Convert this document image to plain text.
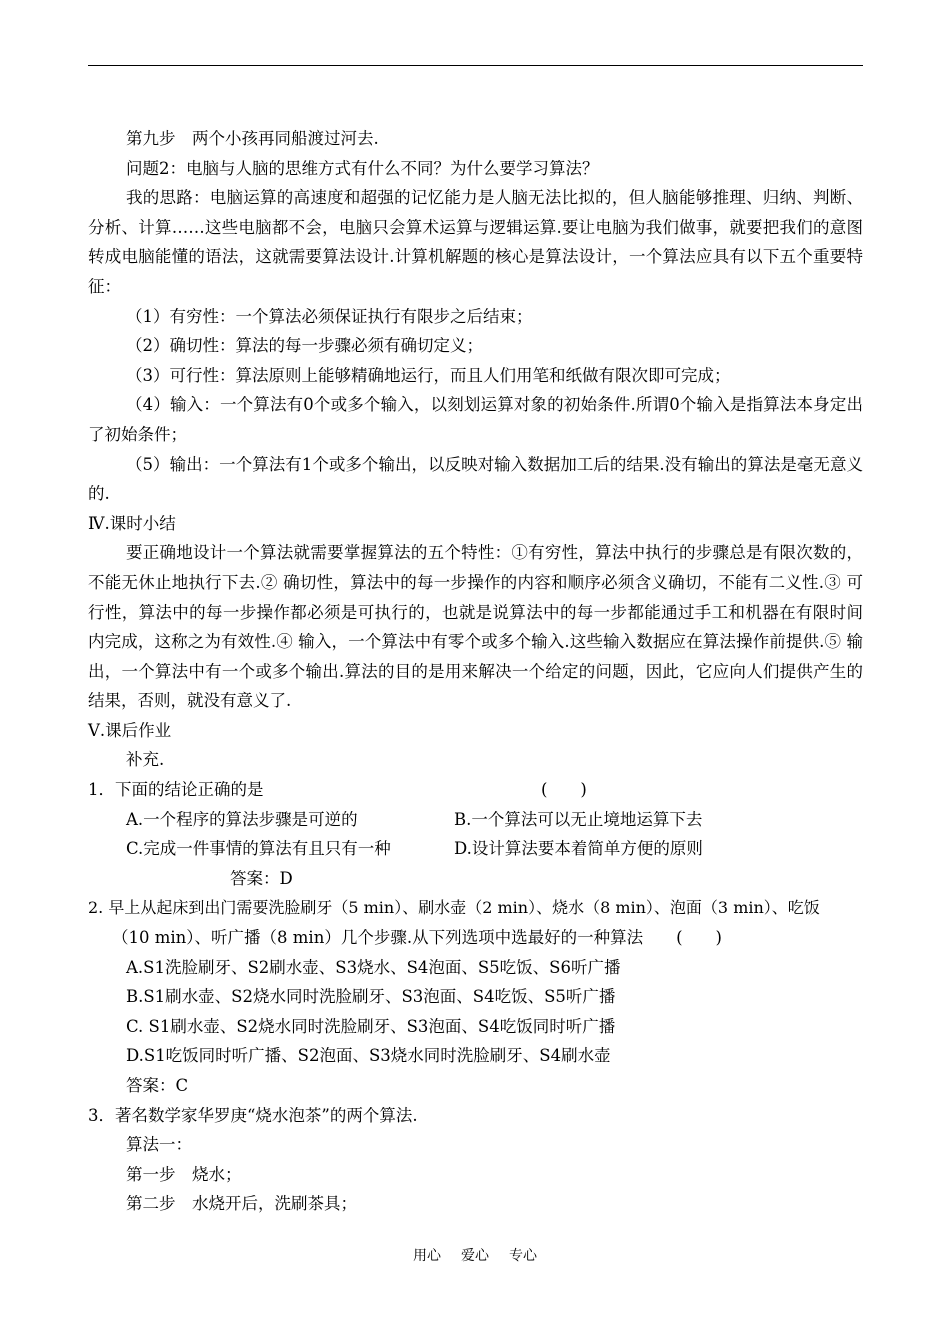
第九步　两个小孩再同船渡过河去.

问题2：电脑与人脑的思维方式有什么不同？为什么要学习算法？

我的思路：电脑运算的高速度和超强的记忆能力是人脑无法比拟的，但人脑能够推理、归纳、判断、分析、计算……这些电脑都不会，电脑只会算术运算与逻辑运算.要让电脑为我们做事，就要把我们的意图转成电脑能懂的语法，这就需要算法设计.计算机解题的核心是算法设计，一个算法应具有以下五个重要特征：

（1）有穷性：一个算法必须保证执行有限步之后结束；

（2）确切性：算法的每一步骤必须有确切定义；

（3）可行性：算法原则上能够精确地运行，而且人们用笔和纸做有限次即可完成；

（4）输入：一个算法有0个或多个输入，以刻划运算对象的初始条件.所谓0个输入是指算法本身定出了初始条件；

（5）输出：一个算法有1个或多个输出，以反映对输入数据加工后的结果.没有输出的算法是毫无意义的.

Ⅳ.课时小结

要正确地设计一个算法就需要掌握算法的五个特性：①有穷性，算法中执行的步骤总是有限次数的，不能无休止地执行下去.② 确切性，算法中的每一步操作的内容和顺序必须含义确切，不能有二义性.③ 可行性，算法中的每一步操作都必须是可执行的，也就是说算法中的每一步都能通过手工和机器在有限时间内完成，这称之为有效性.④ 输入，一个算法中有零个或多个输入.这些输入数据应在算法操作前提供.⑤ 输出，一个算法中有一个或多个输出.算法的目的是用来解决一个给定的问题，因此，它应向人们提供产生的结果，否则，就没有意义了.

Ⅴ.课后作业

补充.

1．下面的结论正确的是	(　　)

A.一个程序的算法步骤是可逆的	B.一个算法可以无止境地运算下去
C.完成一件事情的算法有且只有一种	D.设计算法要本着简单方便的原则

答案：D

2. 早上从起床到出门需要洗脸刷牙（5 min）、刷水壶（2 min）、烧水（8 min）、泡面（3 min）、吃饭

（10 min）、听广播（8 min）几个步骤.从下列选项中选最好的一种算法　　(　　)

A.S1洗脸刷牙、S2刷水壶、S3烧水、S4泡面、S5吃饭、S6听广播

B.S1刷水壶、S2烧水同时洗脸刷牙、S3泡面、S4吃饭、S5听广播

C. S1刷水壶、S2烧水同时洗脸刷牙、S3泡面、S4吃饭同时听广播

D.S1吃饭同时听广播、S2泡面、S3烧水同时洗脸刷牙、S4刷水壶

答案：C

3．著名数学家华罗庚“烧水泡茶”的两个算法.

算法一：

第一步　烧水；

第二步　水烧开后，洗刷茶具；

用心 爱心 专心
